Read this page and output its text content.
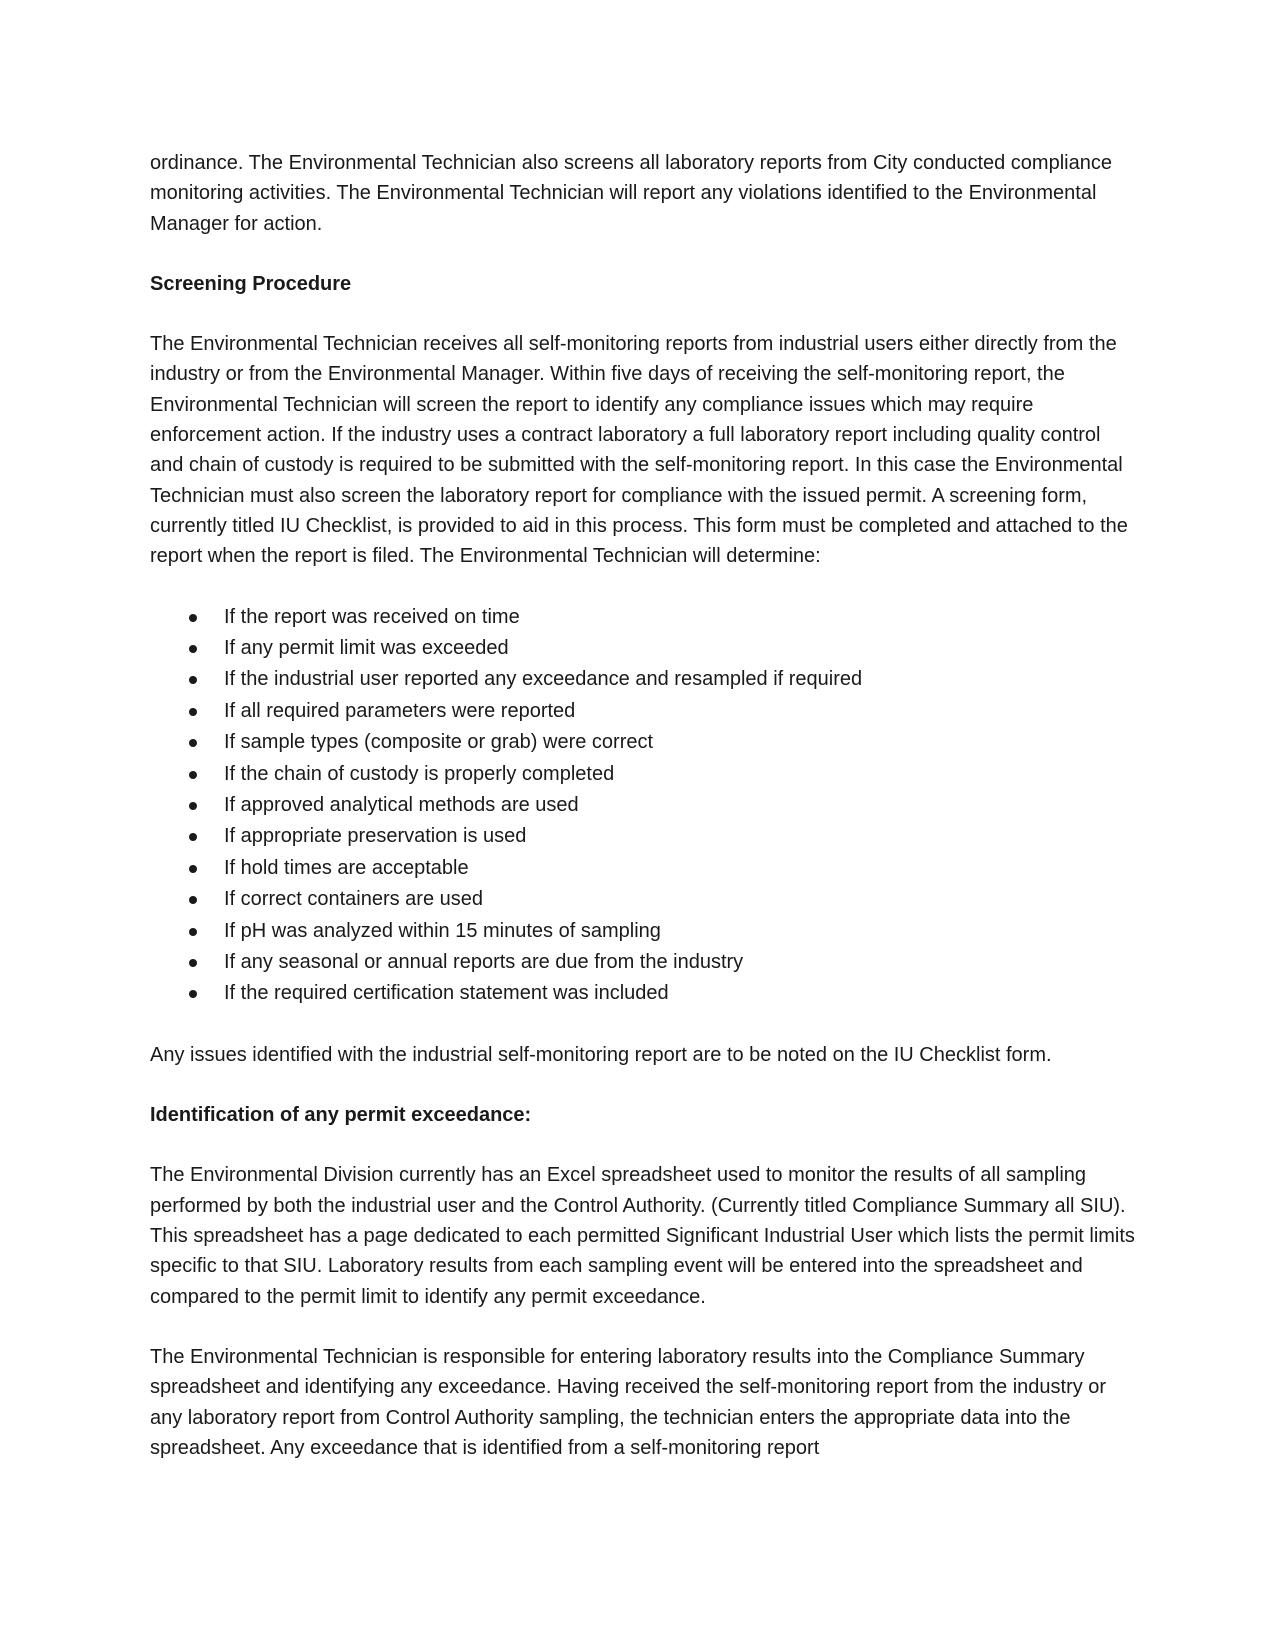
ordinance. The Environmental Technician also screens all laboratory reports from City conducted compliance monitoring activities. The Environmental Technician will report any violations identified to the Environmental Manager for action.

Screening Procedure

The Environmental Technician receives all self-monitoring reports from industrial users either directly from the industry or from the Environmental Manager. Within five days of receiving the self-monitoring report, the Environmental Technician will screen the report to identify any compliance issues which may require enforcement action. If the industry uses a contract laboratory a full laboratory report including quality control and chain of custody is required to be submitted with the self-monitoring report. In this case the Environmental Technician must also screen the laboratory report for compliance with the issued permit. A screening form, currently titled IU Checklist, is provided to aid in this process. This form must be completed and attached to the report when the report is filed. The Environmental Technician will determine:

If the report was received on time
If any permit limit was exceeded
If the industrial user reported any exceedance and resampled if required
If all required parameters were reported
If sample types (composite or grab) were correct
If the chain of custody is properly completed
If approved analytical methods are used
If appropriate preservation is used
If hold times are acceptable
If correct containers are used
If pH was analyzed within 15 minutes of sampling
If any seasonal or annual reports are due from the industry
If the required certification statement was included

Any issues identified with the industrial self-monitoring report are to be noted on the IU Checklist form.

Identification of any permit exceedance:

The Environmental Division currently has an Excel spreadsheet used to monitor the results of all sampling performed by both the industrial user and the Control Authority. (Currently titled Compliance Summary all SIU). This spreadsheet has a page dedicated to each permitted Significant Industrial User which lists the permit limits specific to that SIU. Laboratory results from each sampling event will be entered into the spreadsheet and compared to the permit limit to identify any permit exceedance.

The Environmental Technician is responsible for entering laboratory results into the Compliance Summary spreadsheet and identifying any exceedance. Having received the self-monitoring report from the industry or any laboratory report from Control Authority sampling, the technician enters the appropriate data into the spreadsheet. Any exceedance that is identified from a self-monitoring report
